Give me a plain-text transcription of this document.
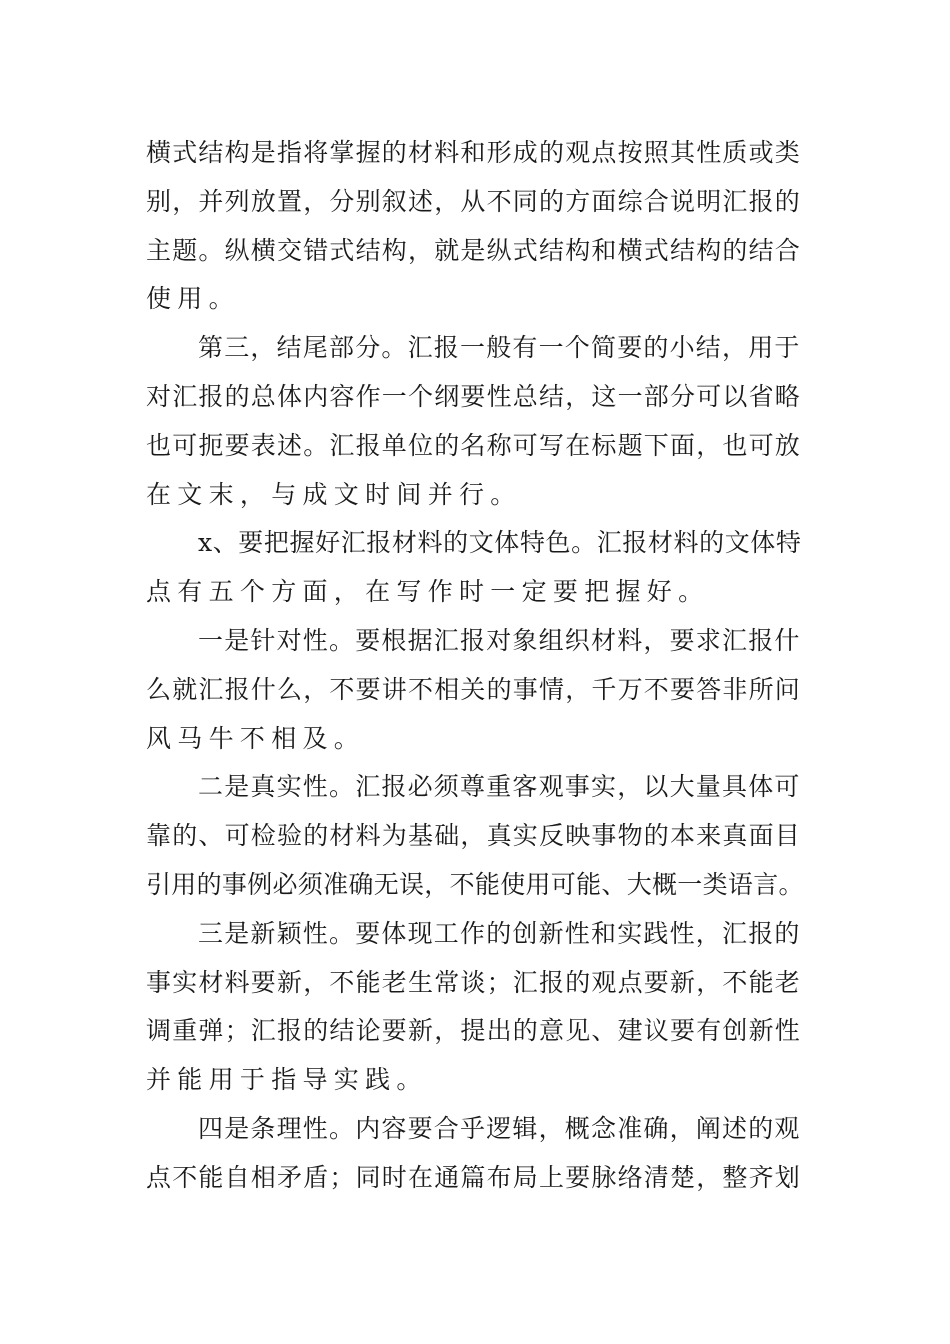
横式结构是指将掌握的材料和形成的观点按照其性质或类
别，并列放置，分别叙述，从不同的方面综合说明汇报的
主题。纵横交错式结构，就是纵式结构和横式结构的结合
使用。
第三，结尾部分。汇报一般有一个简要的小结，用于
对汇报的总体内容作一个纲要性总结，这一部分可以省略
也可扼要表述。汇报单位的名称可写在标题下面，也可放
在文末，与成文时间并行。
x、要把握好汇报材料的文体特色。汇报材料的文体特
点有五个方面，在写作时一定要把握好。
一是针对性。要根据汇报对象组织材料，要求汇报什
么就汇报什么，不要讲不相关的事情，千万不要答非所问
风马牛不相及。
二是真实性。汇报必须尊重客观事实，以大量具体可
靠的、可检验的材料为基础，真实反映事物的本来真面目
引用的事例必须准确无误，不能使用可能、大概一类语言。
三是新颖性。要体现工作的创新性和实践性，汇报的
事实材料要新，不能老生常谈；汇报的观点要新，不能老
调重弹；汇报的结论要新，提出的意见、建议要有创新性
并能用于指导实践。
四是条理性。内容要合乎逻辑，概念准确，阐述的观
点不能自相矛盾；同时在通篇布局上要脉络清楚，整齐划
